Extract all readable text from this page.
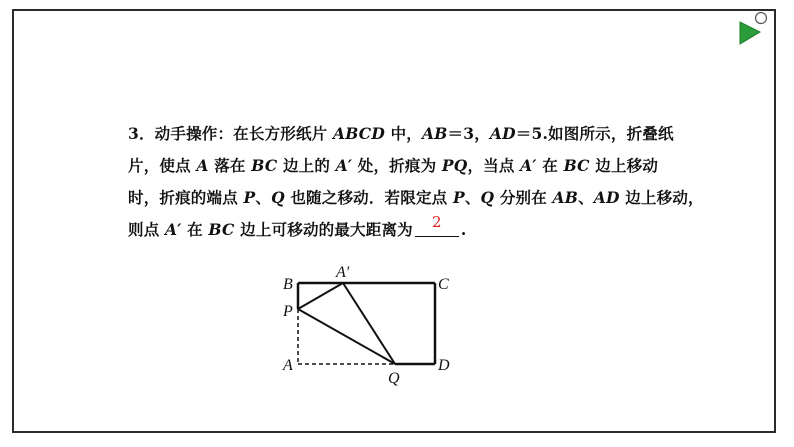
3．动手操作：在长方形纸片 ABCD 中，AB＝3，AD＝5.如图所示，折叠纸
片，使点 A 落在 BC 边上的 A′ 处，折痕为 PQ，当点 A′ 在 BC 边上移动
时，折痕的端点 P、Q 也随之移动．若限定点 P、Q 分别在 AB、AD 边上移动，
则点 A′ 在 BC 边上可移动的最大距离为	2	.
B
A′
C
P
A
Q
D
